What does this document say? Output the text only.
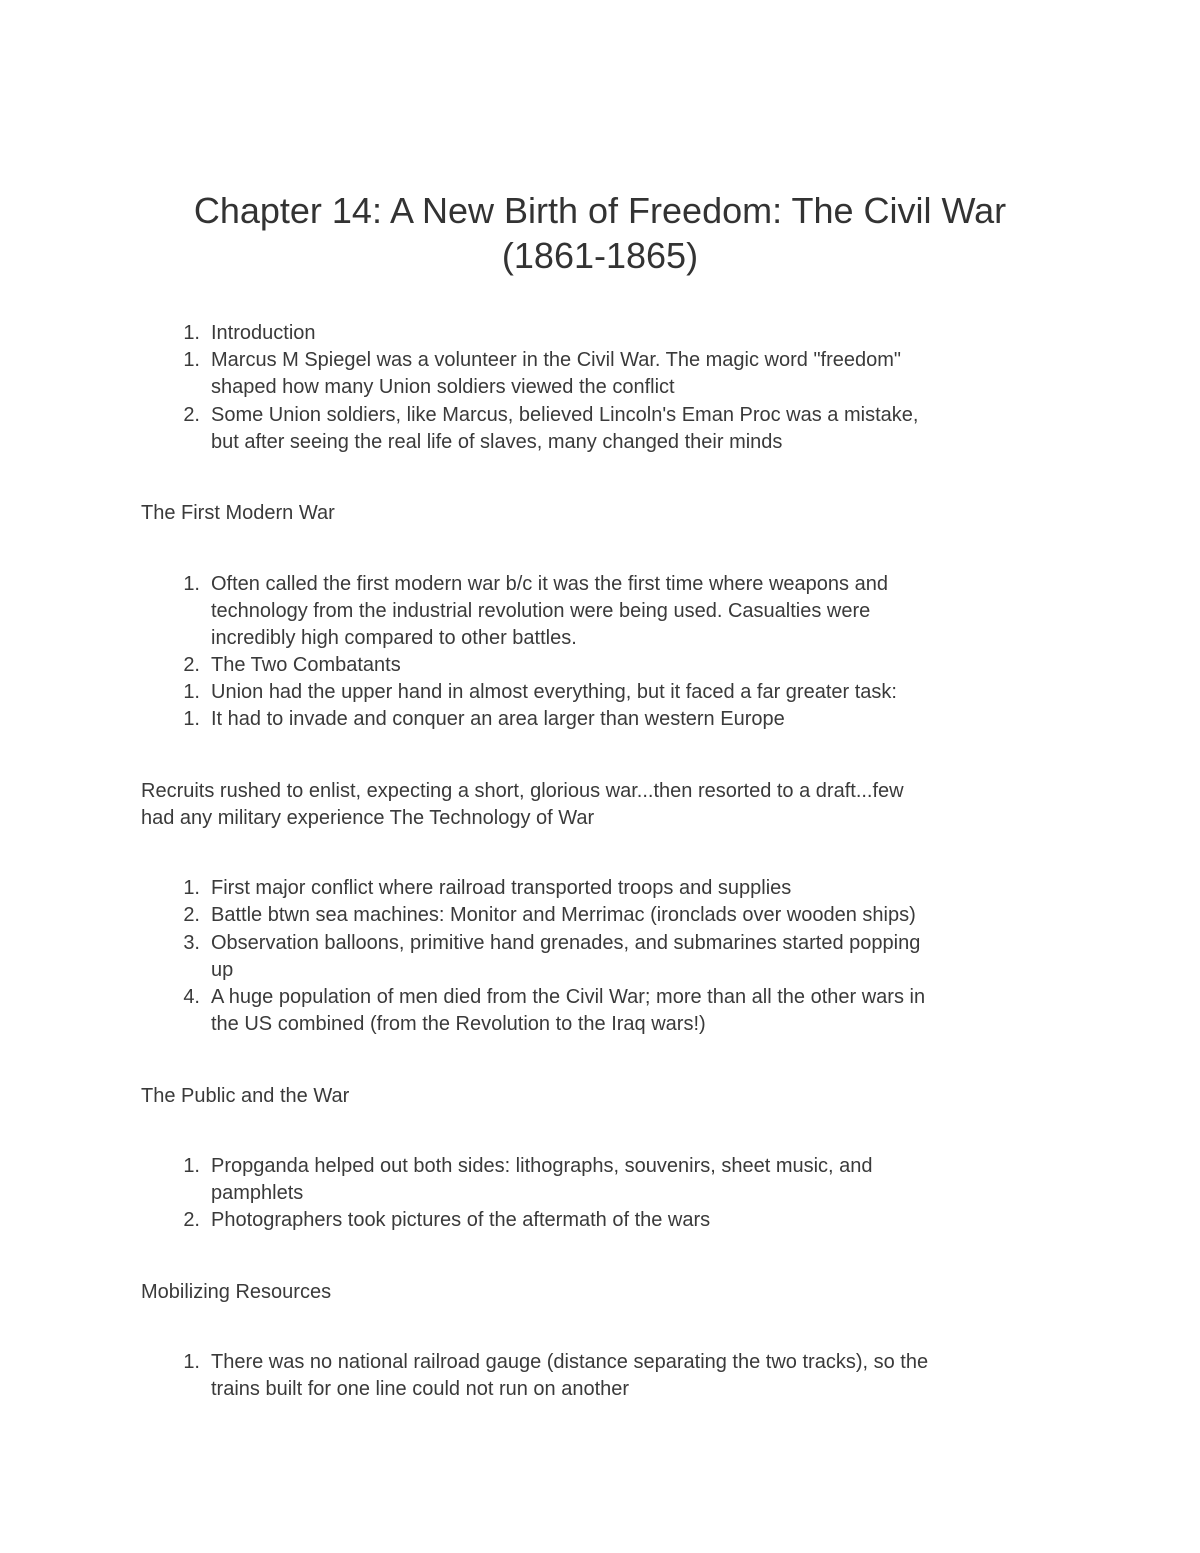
Chapter 14: A New Birth of Freedom: The Civil War
(1861-1865)
1. Introduction
1. Marcus M Spiegel was a volunteer in the Civil War. The magic word "freedom"
shaped how many Union soldiers viewed the conflict
2. Some Union soldiers, like Marcus, believed Lincoln's Eman Proc was a mistake,
but after seeing the real life of slaves, many changed their minds
The First Modern War
1. Often called the first modern war b/c it was the first time where weapons and
technology from the industrial revolution were being used. Casualties were
incredibly high compared to other battles.
2. The Two Combatants
1. Union had the upper hand in almost everything, but it faced a far greater task:
1. It had to invade and conquer an area larger than western Europe
Recruits rushed to enlist, expecting a short, glorious war...then resorted to a draft...few
had any military experience The Technology of War
1. First major conflict where railroad transported troops and supplies
2. Battle btwn sea machines: Monitor and Merrimac (ironclads over wooden ships)
3. Observation balloons, primitive hand grenades, and submarines started popping
up
4. A huge population of men died from the Civil War; more than all the other wars in
the US combined (from the Revolution to the Iraq wars!)
The Public and the War
1. Propganda helped out both sides: lithographs, souvenirs, sheet music, and
pamphlets
2. Photographers took pictures of the aftermath of the wars
Mobilizing Resources
1. There was no national railroad gauge (distance separating the two tracks), so the
trains built for one line could not run on another
